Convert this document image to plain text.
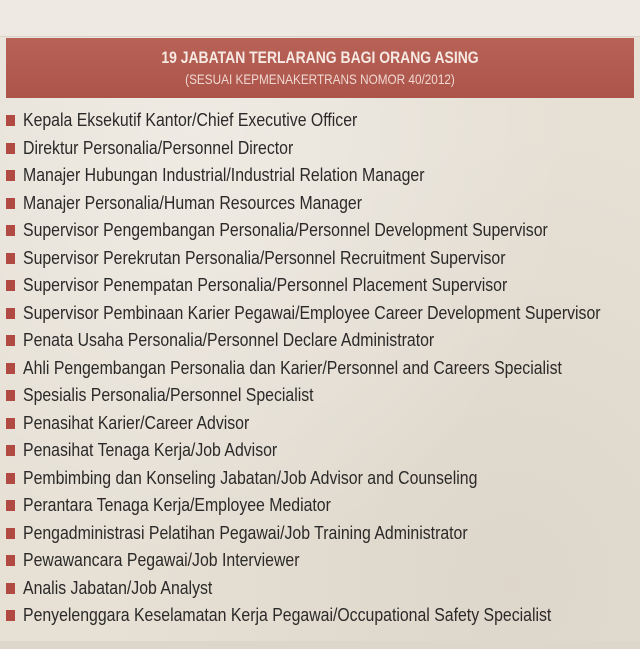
19 JABATAN TERLARANG BAGI ORANG ASING
(SESUAI KEPMENAKERTRANS NOMOR 40/2012)
Kepala Eksekutif Kantor/Chief Executive Officer
Direktur Personalia/Personnel Director
Manajer Hubungan Industrial/Industrial Relation Manager
Manajer Personalia/Human Resources Manager
Supervisor Pengembangan Personalia/Personnel Development Supervisor
Supervisor Perekrutan Personalia/Personnel Recruitment Supervisor
Supervisor Penempatan Personalia/Personnel Placement Supervisor
Supervisor Pembinaan Karier Pegawai/Employee Career Development Supervisor
Penata Usaha Personalia/Personnel Declare Administrator
Ahli Pengembangan Personalia dan Karier/Personnel and Careers Specialist
Spesialis Personalia/Personnel Specialist
Penasihat Karier/Career Advisor
Penasihat Tenaga Kerja/Job Advisor
Pembimbing dan Konseling Jabatan/Job Advisor and Counseling
Perantara Tenaga Kerja/Employee Mediator
Pengadministrasi Pelatihan Pegawai/Job Training Administrator
Pewawancara Pegawai/Job Interviewer
Analis Jabatan/Job Analyst
Penyelenggara Keselamatan Kerja Pegawai/Occupational Safety Specialist
